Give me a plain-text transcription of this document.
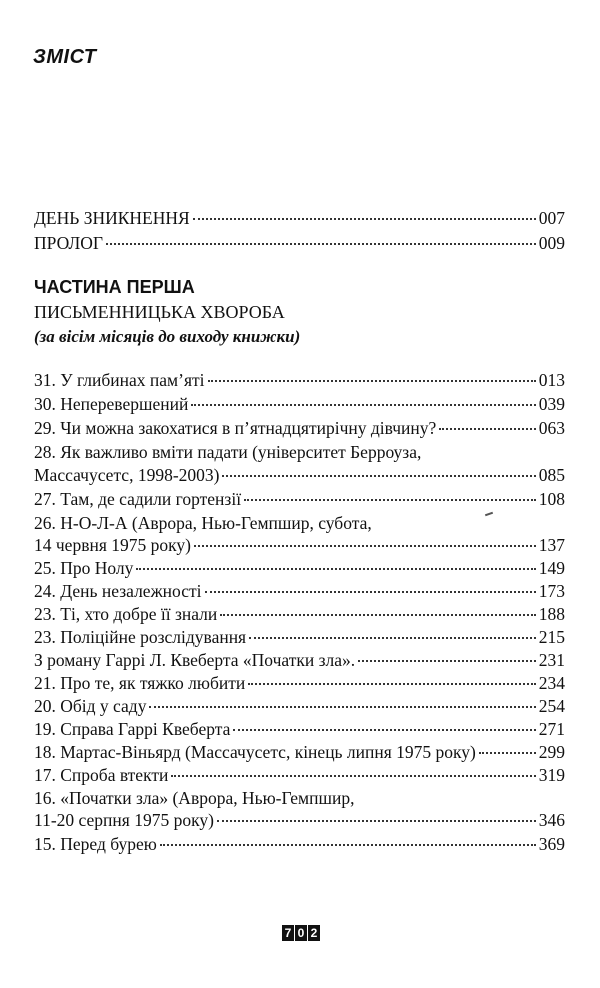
ЗМІСТ
ДЕНЬ ЗНИКНЕННЯ	007
ПРОЛОГ	009
ЧАСТИНА ПЕРША
ПИСЬМЕННИЦЬКА ХВОРОБА
(за вісім місяців до виходу книжки)
31. У глибинах пам’яті	013
30. Неперевершений	039
29. Чи можна закохатися в п’ятнадцятирічну дівчину?	063
28. Як важливо вміти падати (університет Берроуза,
Массачусетс, 1998-2003)	085
27. Там, де садили гортензії	108
26. Н-О-Л-А (Аврора, Нью-Гемпшир, субота,
14 червня 1975 року)	137
25. Про Нолу	149
24. День незалежності	173
23. Ті, хто добре її знали	188
23. Поліційне розслідування	215
З роману Гаррі Л. Квеберта «Початки зла».	231
21. Про те, як тяжко любити	234
20. Обід у саду	254
19. Справа Гаррі Квеберта	271
18. Мартас-Віньярд (Массачусетс, кінець липня 1975 року)	299
17. Спроба втекти	319
16. «Початки зла» (Аврора, Нью-Гемпшир,
11-20 серпня 1975 року)	346
15. Перед бурею	369
7 0 2
